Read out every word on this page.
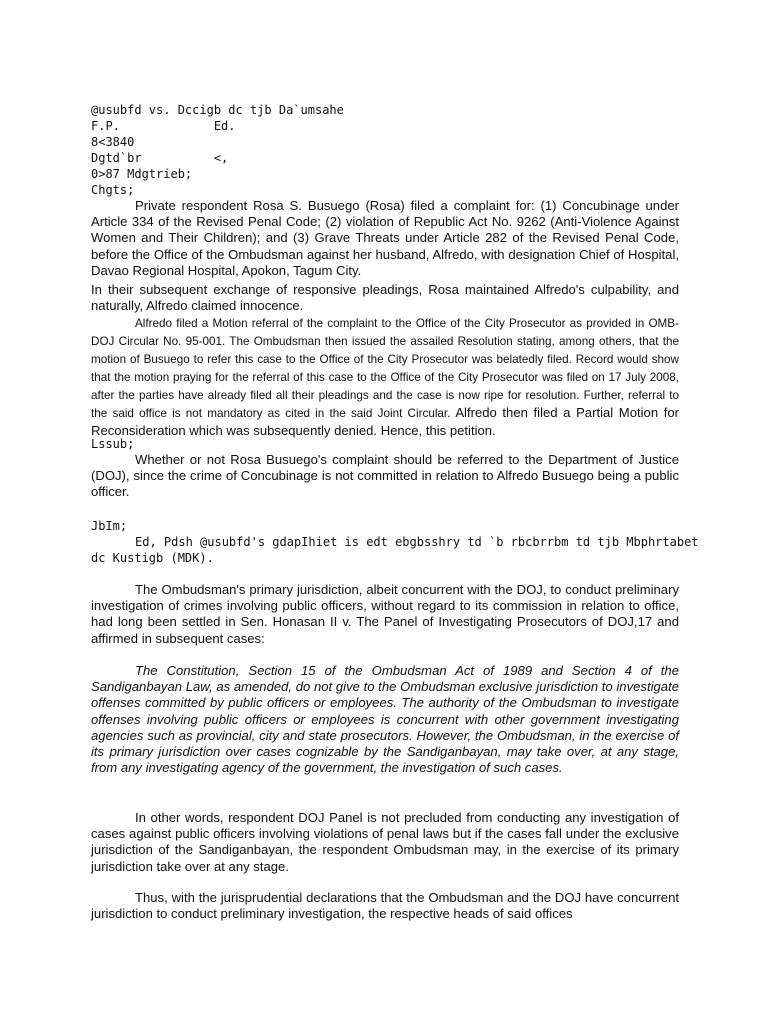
@usubfd vs. Dccigb dc tjb Da`umsahe
F.P.             Ed.
8<3840
Dgtd`br          <,
0>87 Mdgtrieb;
Chgts;

Private respondent Rosa S. Busuego (Rosa) filed a complaint for: (1) Concubinage under Article 334 of the Revised Penal Code; (2) violation of Republic Act No. 9262 (Anti-Violence Against Women and Their Children); and (3) Grave Threats under Article 282 of the Revised Penal Code, before the Office of the Ombudsman against her husband, Alfredo, with designation Chief of Hospital, Davao Regional Hospital, Apokon, Tagum City.

In their subsequent exchange of responsive pleadings, Rosa maintained Alfredo's culpability, and naturally, Alfredo claimed innocence.

Alfredo filed a Motion referral of the complaint to the Office of the City Prosecutor as provided in OMB-DOJ Circular No. 95-001. The Ombudsman then issued the assailed Resolution stating, among others, that the motion of Busuego to refer this case to the Office of the City Prosecutor was belatedly filed. Record would show that the motion praying for the referral of this case to the Office of the City Prosecutor was filed on 17 July 2008, after the parties have already filed all their pleadings and the case is now ripe for resolution. Further, referral to the said office is not mandatory as cited in the said Joint Circular. Alfredo then filed a Partial Motion for Reconsideration which was subsequently denied. Hence, this petition.

Lssub;

Whether or not Rosa Busuego's complaint should be referred to the Department of Justice (DOJ), since the crime of Concubinage is not committed in relation to Alfredo Busuego being a public officer.

JbIm;
Ed, Pdsh @usubfd's gdapIhiet is edt ebgbsshry td `b rbcbrrbm td tjb Mbphrtabet
dc Kustigb (MDK).

The Ombudsman's primary jurisdiction, albeit concurrent with the DOJ, to conduct preliminary investigation of crimes involving public officers, without regard to its commission in relation to office, had long been settled in Sen. Honasan II v. The Panel of Investigating Prosecutors of DOJ,17 and affirmed in subsequent cases:

The Constitution, Section 15 of the Ombudsman Act of 1989 and Section 4 of the Sandiganbayan Law, as amended, do not give to the Ombudsman exclusive jurisdiction to investigate offenses committed by public officers or employees. The authority of the Ombudsman to investigate offenses involving public officers or employees is concurrent with other government investigating agencies such as provincial, city and state prosecutors. However, the Ombudsman, in the exercise of its primary jurisdiction over cases cognizable by the Sandiganbayan, may take over, at any stage, from any investigating agency of the government, the investigation of such cases.

In other words, respondent DOJ Panel is not precluded from conducting any investigation of cases against public officers involving violations of penal laws but if the cases fall under the exclusive jurisdiction of the Sandiganbayan, the respondent Ombudsman may, in the exercise of its primary jurisdiction take over at any stage.

Thus, with the jurisprudential declarations that the Ombudsman and the DOJ have concurrent jurisdiction to conduct preliminary investigation, the respective heads of said offices
